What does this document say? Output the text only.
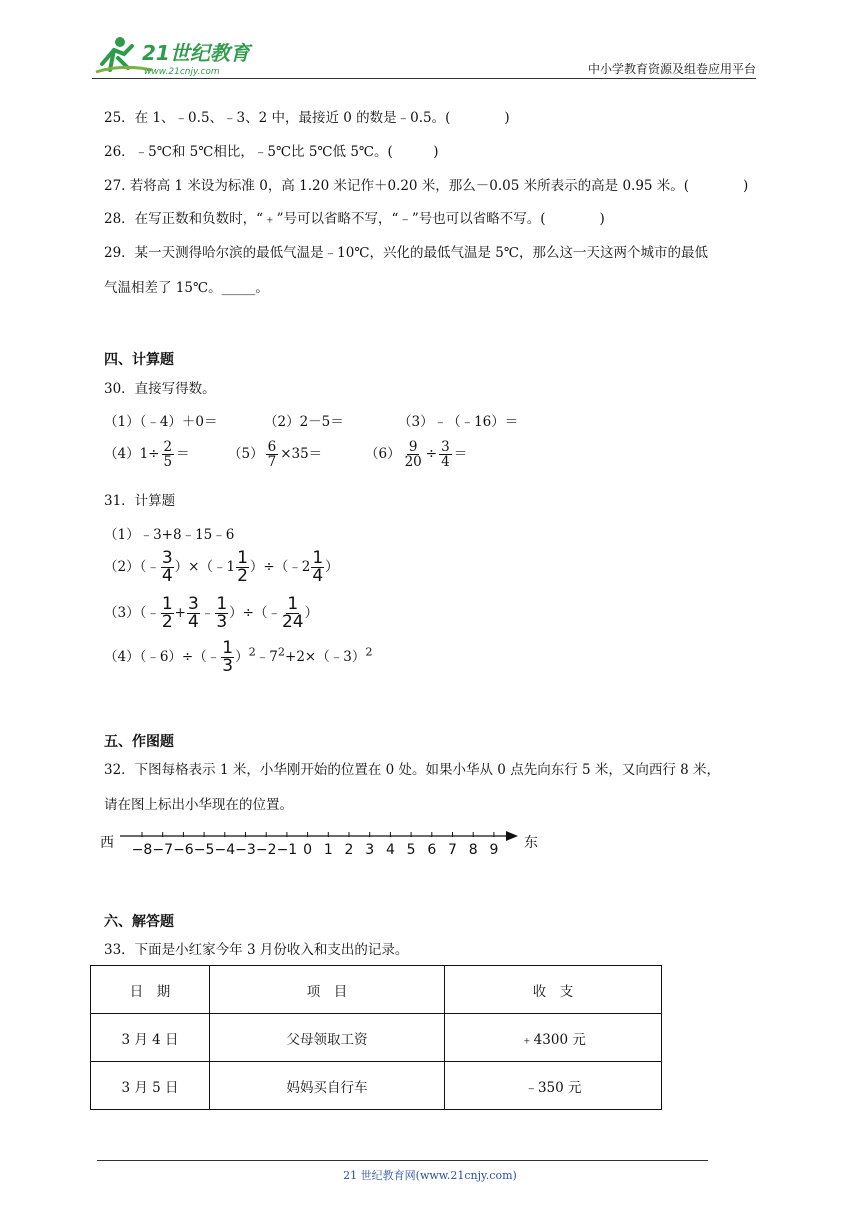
21世纪教育
www.21cnjy.com	中小学教育资源及组卷应用平台
25．在 1、﹣0.5、﹣3、2 中，最接近 0 的数是﹣0.5。(　　　　)
26．﹣5℃和 5℃相比，﹣5℃比 5℃低 5℃。(　　　)
27. 若将高 1 米设为标准 0，高 1.20 米记作＋0.20 米，那么－0.05 米所表示的高是 0.95 米。(　　　　)
28．在写正数和负数时，“﹢”号可以省略不写，“﹣”号也可以省略不写。(　　　　)
29．某一天测得哈尔滨的最低气温是﹣10℃，兴化的最低气温是 5℃，那么这一天这两个城市的最低
气温相差了 15℃。_____。
四、计算题
30．直接写得数。
（1）（﹣4）＋0＝	（2）2－5＝	（3）﹣（﹣16）＝
$(4)1\div \frac{2}{5}$ ＝	$(5) \frac{6}{7} \times 35=$	$(6) \frac{9}{20} \div \frac{3}{4}$ ＝
31．计算题
（1）﹣3+8﹣15﹣6
（2）（﹣ $\frac{3}{4}$ ）×（﹣1 $\frac{1}{2}$ ）÷（﹣2 $\frac{1}{4}$ ）
（3）（﹣ $\frac{1}{2} + \frac{3}{4}$ ﹣ $\frac{1}{3}$ ）÷（﹣ $\frac{1}{24}$ ）
（4）（﹣6）÷（﹣ $\frac{1}{3}$ ）$^2﹣7^2+2\times(﹣3)^2$
五、作图题
32．下图每格表示 1 米，小华刚开始的位置在 0 处。如果小华从 0 点先向东行 5 米，又向西行 8 米，
请在图上标出小华现在的位置。
西 −8 −7 −6 −5 −4 −3 −2 −1 0 1 2 3 4 5 6 7 8 9 东
六、解答题
33．下面是小红家今年 3 月份收入和支出的记录。
日　期	项　目	收　支
3 月 4 日	父母领取工资	﹢4300 元
3 月 5 日	妈妈买自行车	﹣350 元
21 世纪教育网(www.21cnjy.com)
